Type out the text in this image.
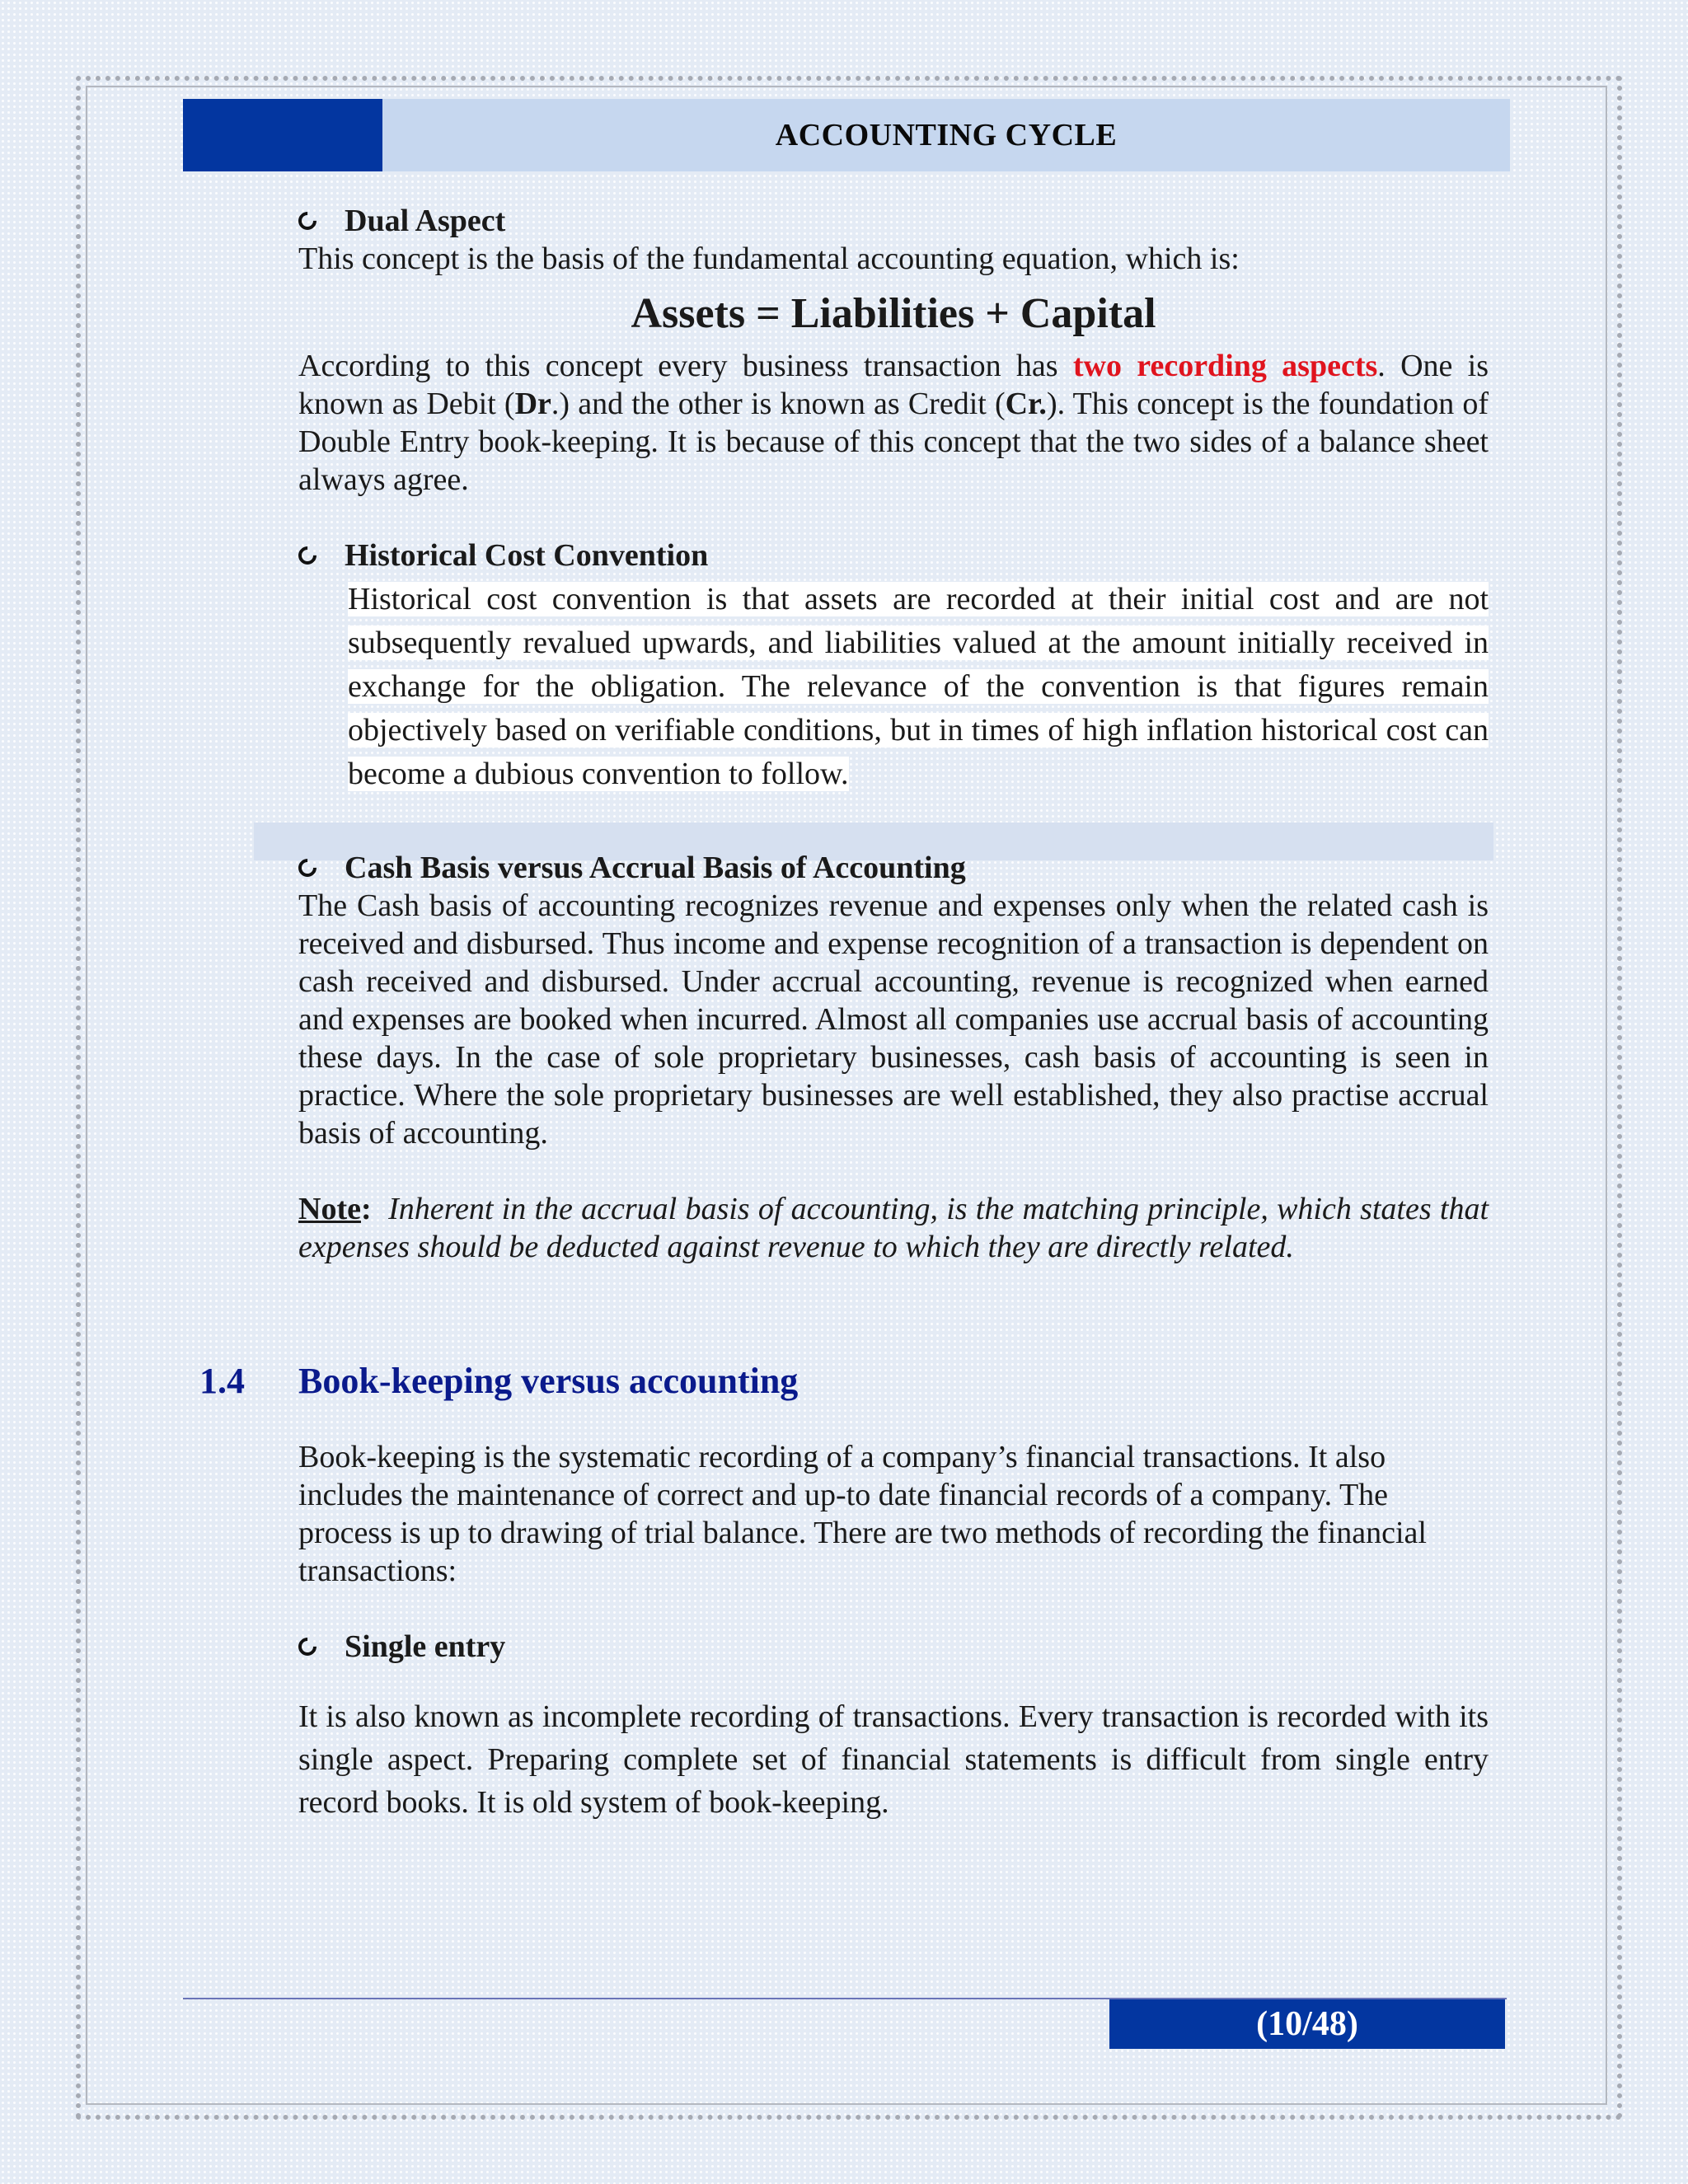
ACCOUNTING CYCLE
Dual Aspect

This concept is the basis of the fundamental accounting equation, which is:

Assets = Liabilities + Capital

According to this concept every business transaction has two recording aspects. One is known as Debit (Dr.) and the other is known as Credit (Cr.). This concept is the foundation of Double Entry book-keeping. It is because of this concept that the two sides of a balance sheet always agree.

Historical Cost Convention

Historical cost convention is that assets are recorded at their initial cost and are not subsequently revalued upwards, and liabilities valued at the amount initially received in exchange for the obligation. The relevance of the convention is that figures remain objectively based on verifiable conditions, but in times of high inflation historical cost can become a dubious convention to follow.

Cash Basis versus Accrual Basis of Accounting

The Cash basis of accounting recognizes revenue and expenses only when the related cash is received and disbursed. Thus income and expense recognition of a transaction is dependent on cash received and disbursed. Under accrual accounting, revenue is recognized when earned and expenses are booked when incurred. Almost all companies use accrual basis of accounting these days. In the case of sole proprietary businesses, cash basis of accounting is seen in practice. Where the sole proprietary businesses are well established, they also practise accrual basis of accounting.

Note: Inherent in the accrual basis of accounting, is the matching principle, which states that expenses should be deducted against revenue to which they are directly related.

1.4	Book-keeping versus accounting

Book-keeping is the systematic recording of a company’s financial transactions. It also includes the maintenance of correct and up-to date financial records of a company. The process is up to drawing of trial balance. There are two methods of recording the financial transactions:

Single entry

It is also known as incomplete recording of transactions. Every transaction is recorded with its single aspect. Preparing complete set of financial statements is difficult from single entry record books. It is old system of book-keeping.

(10/48)
